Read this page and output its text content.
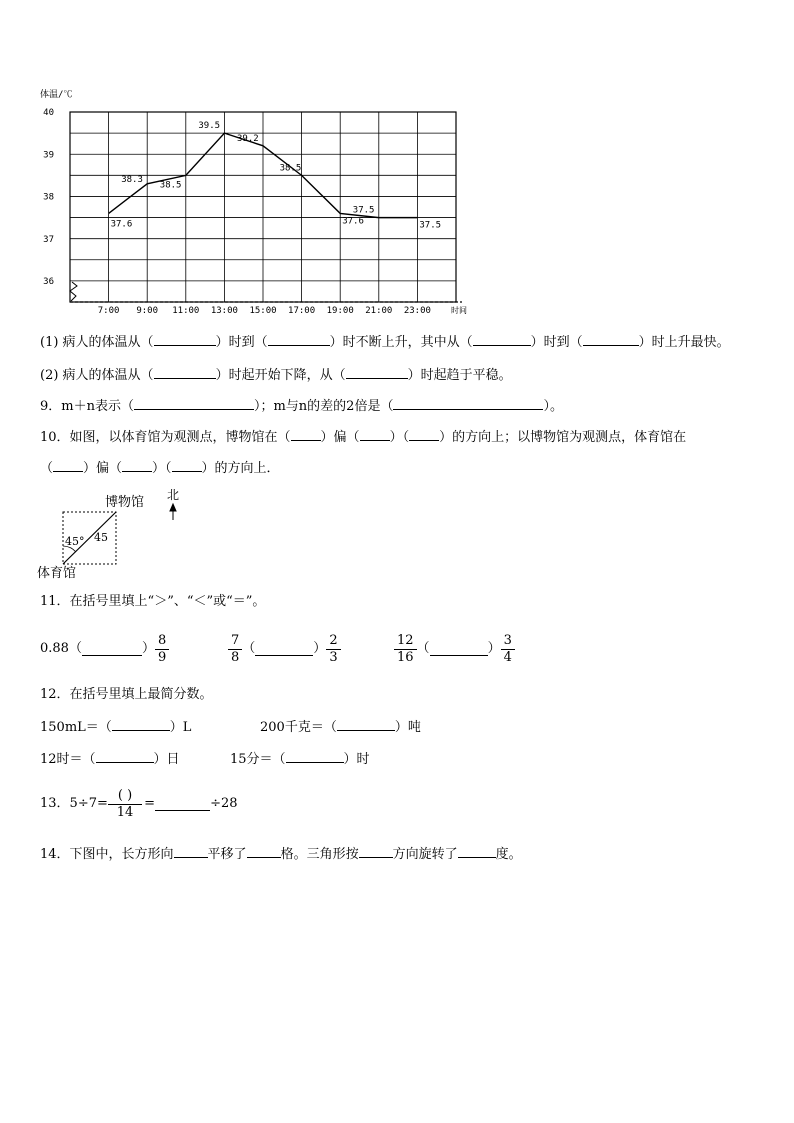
体温/℃
40
39
38
37
36
7:00 9:00 11:00 13:00 15:00 17:00 19:00 21:00 23:00	时间
37.6
38.3
38.5
39.5
39.2
38.5
37.6
37.5
37.5
(1) 病人的体温从（	）时到（	）时不断上升，其中从（	）时到（	）时上升最快。
(2) 病人的体温从（	）时起开始下降，从（	）时起趋于平稳。
9．m＋n表示（	）；m与n的差的2倍是（	）。
10．如图，以体育馆为观测点，博物馆在（ ）偏（ ）（ ）的方向上；以博物馆为观测点，体育馆在
（ ）偏（ ）（ ）的方向上．
博物馆 北
45° 45
体育馆
11．在括号里填上“＞”、“＜”或“＝”。
0.88 （	） $\frac{8}{9}$	$\frac{7}{8}$ （	） $\frac{2}{3}$	$\frac{12}{16}$ （	） $\frac{3}{4}$
12．在括号里填上最简分数。
150mL＝（	）L	200千克＝（	）吨
12时＝（	）日	15分＝（	）时
13．$5\div 7= \frac{( )}{14}$ =	÷28
14．下图中，长方形向	平移了	格。三角形按	方向旋转了	度。
